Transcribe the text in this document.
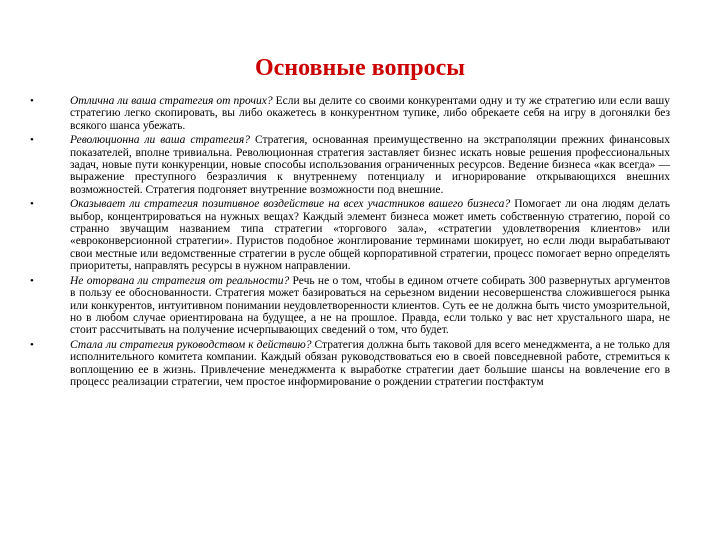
Основные вопросы
•	Отлична ли ваша стратегия от прочих? Если вы делите со своими конкурентами одну и ту же стратегию или если вашу стратегию легко скопировать, вы либо окажетесь в конкурентном тупике, либо обрекаете себя на игру в догонялки без всякого шанса убежать.
•	Революционна ли ваша стратегия? Стратегия, основанная преимущественно на экстраполяции прежних финансовых показателей, вполне тривиальна. Революционная стратегия заставляет бизнес искать новые решения профессиональных задач, новые пути конкуренции, новые способы использования ограниченных ресурсов. Ведение бизнеса «как всегда» — выражение преступного безразличия к внутреннему потенциалу и игнорирование открывающихся внешних возможностей. Стратегия подгоняет внутренние возможности под внешние.
•	Оказывает ли стратегия позитивное воздействие на всех участников вашего бизнеса? Помогает ли она людям делать выбор, концентрироваться на нужных вещах? Каждый элемент бизнеса может иметь собственную стратегию, порой со странно звучащим названием типа стратегии «торгового зала», «стратегии удовлетворения клиентов» или «евроконверсионной стратегии». Пуристов подобное жонглирование терминами шокирует, но если люди вырабатывают свои местные или ведомственные стратегии в русле общей корпоративной стратегии, процесс помогает верно определять приоритеты, направлять ресурсы в нужном направлении.
•	Не оторвана ли стратегия от реальности? Речь не о том, чтобы в едином отчете собирать 300 развернутых аргументов в пользу ее обоснованности. Стратегия может базироваться на серьезном видении несовершенства сложившегося рынка или конкурентов, интуитивном понимании неудовлетворенности клиентов. Суть ее не должна быть чисто умозрительной, но в любом случае ориентирована на будущее, а не на прошлое. Правда, если только у вас нет хрустального шара, не стоит рассчитывать на получение исчерпывающих сведений о том, что будет.
•	Стала ли стратегия руководством к действию? Стратегия должна быть таковой для всего менеджмента, а не только для исполнительного комитета компании. Каждый обязан руководствоваться ею в своей повседневной работе, стремиться к воплощению ее в жизнь. Привлечение менеджмента к выработке стратегии дает большие шансы на вовлечение его в процесс реализации стратегии, чем простое информирование о рождении стратегии постфактум
